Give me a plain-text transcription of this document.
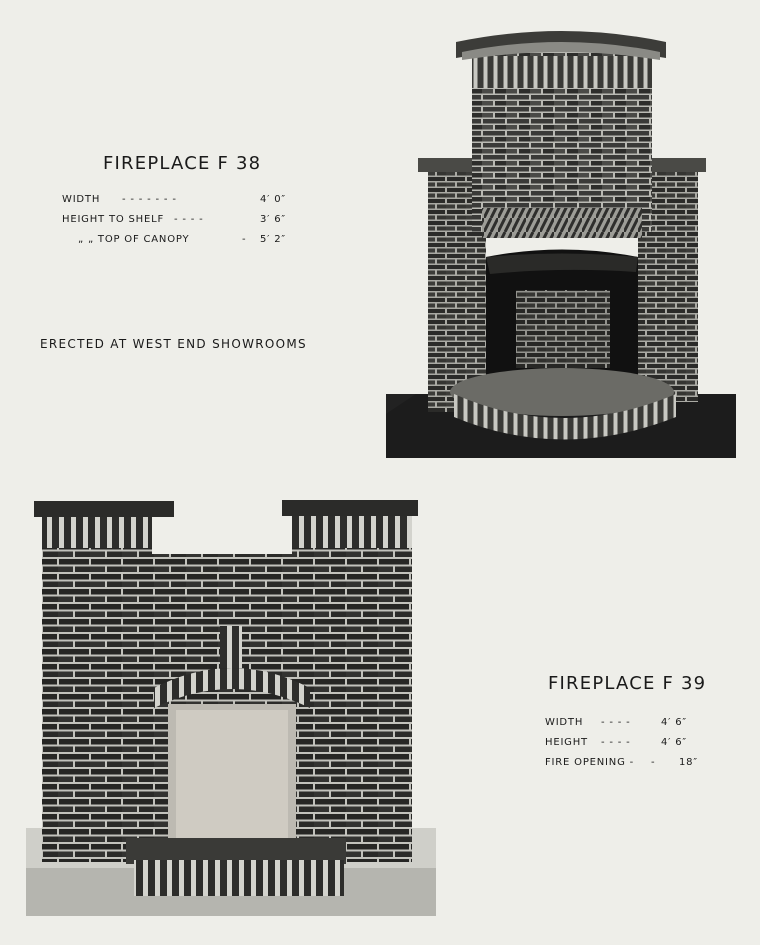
FIREPLACE F 38
WIDTH - - - - - - -	4′ 0″
HEIGHT TO SHELF - - - -	3′ 6″
„ „ TOP OF CANOPY	- 5′ 2″
ERECTED AT WEST END SHOWROOMS
FIREPLACE F 39
WIDTH - - - -	4′ 6″
HEIGHT - - - -	4′ 6″
FIRE OPENING - - 18″
